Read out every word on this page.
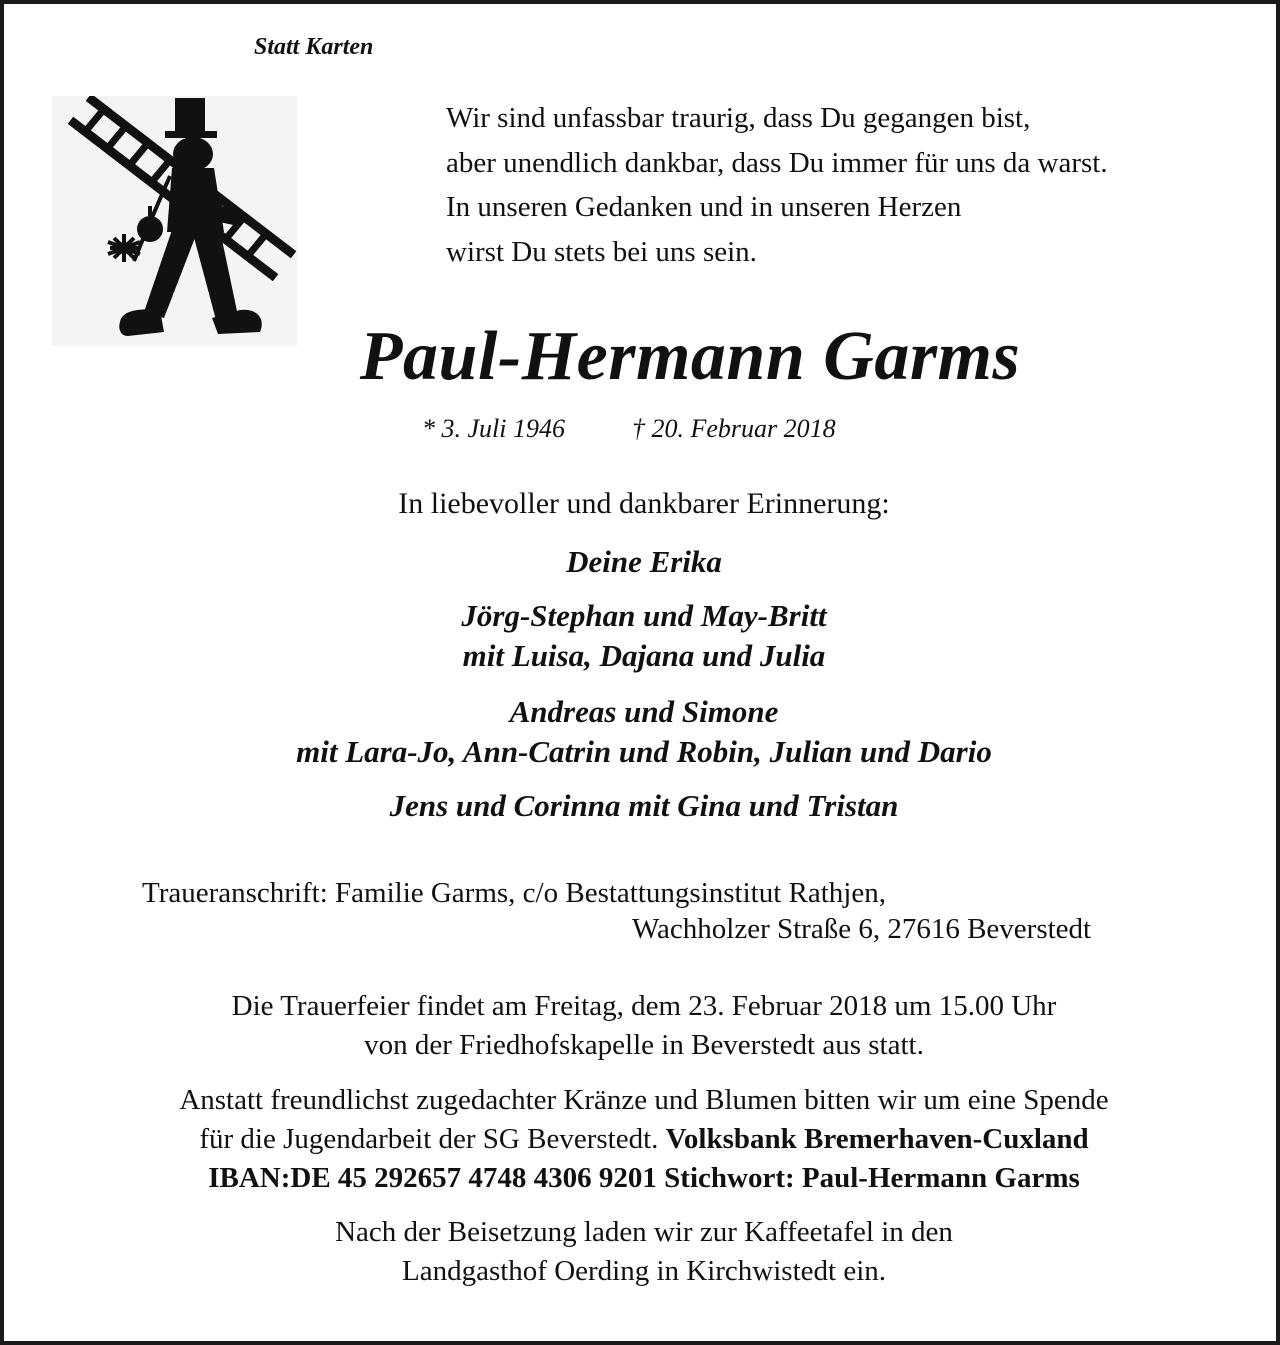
Statt Karten
Wir sind unfassbar traurig, dass Du gegangen bist,
aber unendlich dankbar, dass Du immer für uns da warst.
In unseren Gedanken und in unseren Herzen
wirst Du stets bei uns sein.
Paul-Hermann Garms
* 3. Juli 1946	† 20. Februar 2018
In liebevoller und dankbarer Erinnerung:
Deine Erika
Jörg-Stephan und May-Britt
mit Luisa, Dajana und Julia
Andreas und Simone
mit Lara-Jo, Ann-Catrin und Robin, Julian und Dario
Jens und Corinna mit Gina und Tristan
Traueranschrift: Familie Garms, c/o Bestattungsinstitut Rathjen,
Wachholzer Straße 6, 27616 Beverstedt
Die Trauerfeier findet am Freitag, dem 23. Februar 2018 um 15.00 Uhr
von der Friedhofskapelle in Beverstedt aus statt.
Anstatt freundlichst zugedachter Kränze und Blumen bitten wir um eine Spende
für die Jugendarbeit der SG Beverstedt. Volksbank Bremerhaven-Cuxland
IBAN:DE 45 292657 4748 4306 9201 Stichwort: Paul-Hermann Garms
Nach der Beisetzung laden wir zur Kaffeetafel in den
Landgasthof Oerding in Kirchwistedt ein.
